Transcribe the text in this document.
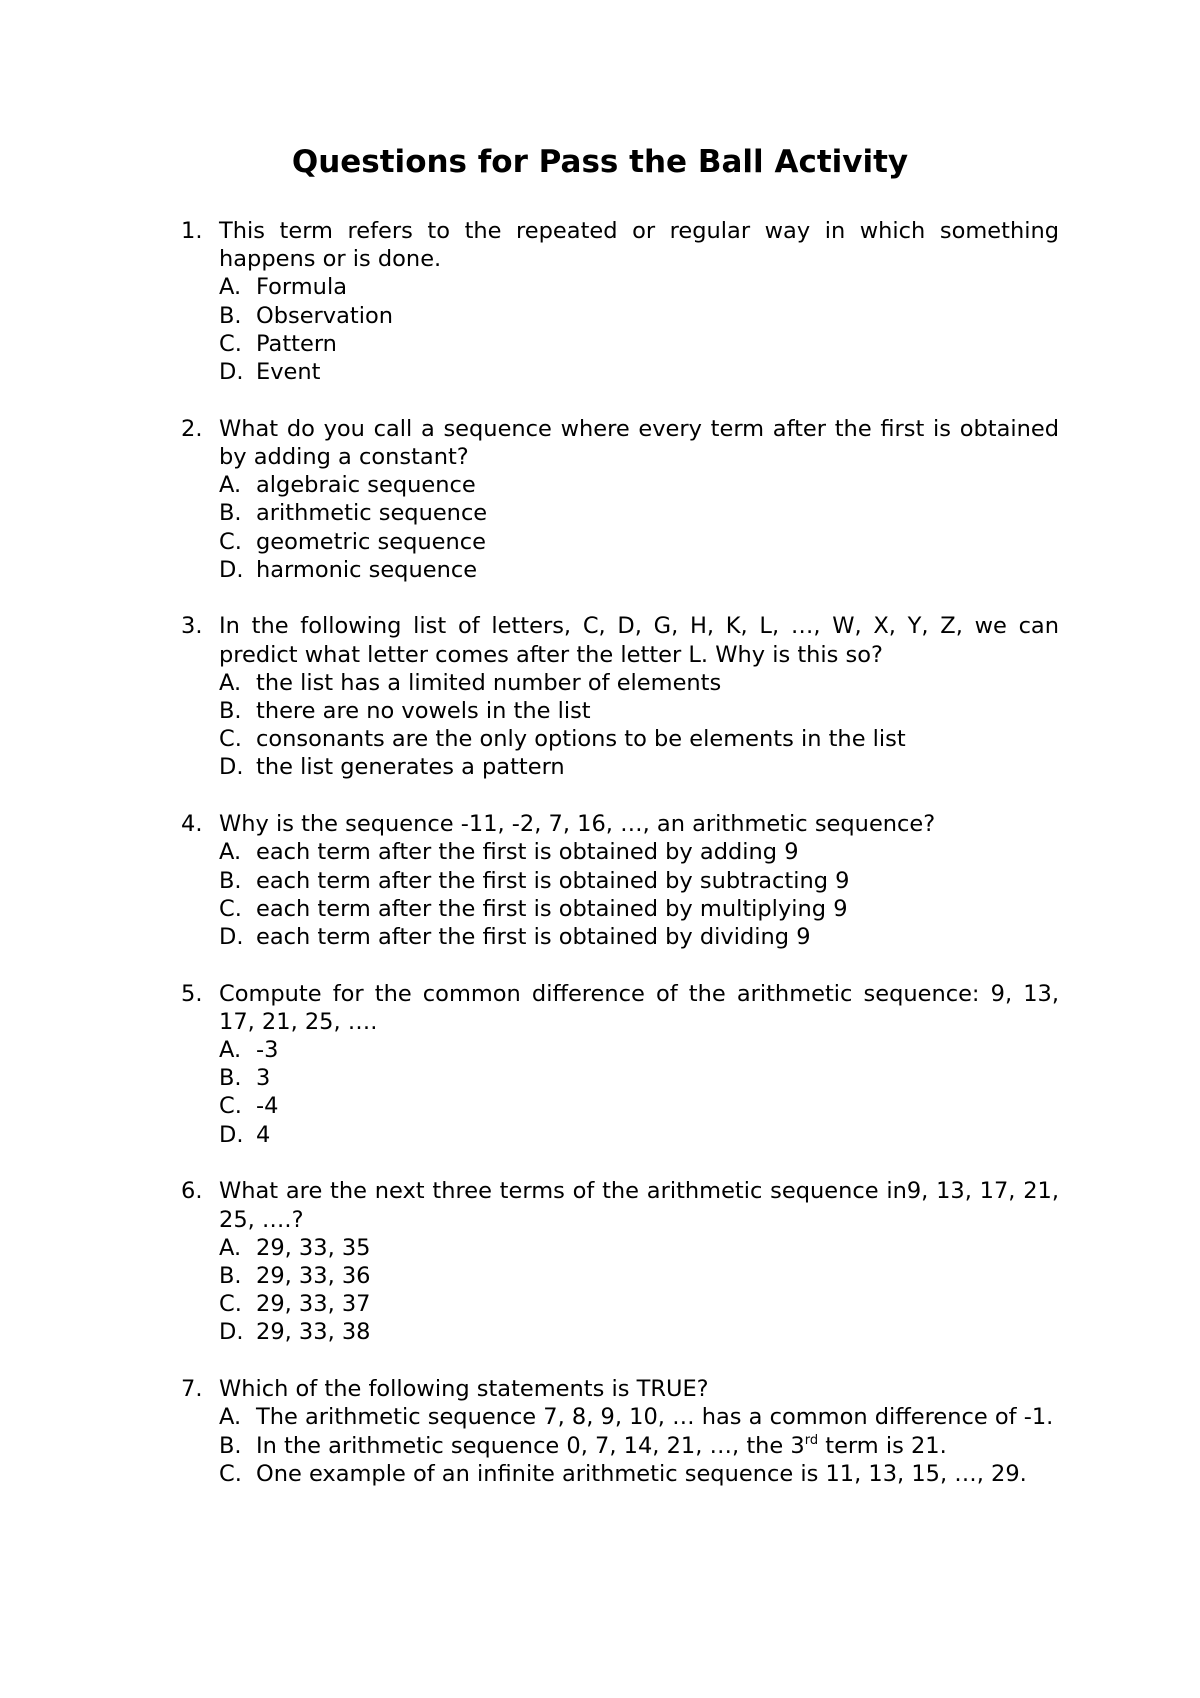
Questions for Pass the Ball Activity
1. This term refers to the repeated or regular way in which something happens or is done.

A. Formula
B. Observation
C. Pattern
D. Event
2. What do you call a sequence where every term after the first is obtained by adding a constant?

A. algebraic sequence
B. arithmetic sequence
C. geometric sequence
D. harmonic sequence
3. In the following list of letters, C, D, G, H, K, L, …, W, X, Y, Z, we can predict what letter comes after the letter L. Why is this so?

A. the list has a limited number of elements
B. there are no vowels in the list
C. consonants are the only options to be elements in the list
D. the list generates a pattern
4. Why is the sequence -11, -2, 7, 16, …, an arithmetic sequence?

A. each term after the first is obtained by adding 9
B. each term after the first is obtained by subtracting 9
C. each term after the first is obtained by multiplying 9
D. each term after the first is obtained by dividing 9
5. Compute for the common difference of the arithmetic sequence: 9, 13, 17, 21, 25, ….

A. -3
B. 3
C. -4
D. 4
6. What are the next three terms of the arithmetic sequence in9, 13, 17, 21, 25, ….?

A. 29, 33, 35
B. 29, 33, 36
C. 29, 33, 37
D. 29, 33, 38
7. Which of the following statements is TRUE?

A. The arithmetic sequence 7, 8, 9, 10, … has a common difference of -1.
B. In the arithmetic sequence 0, 7, 14, 21, …, the 3rd term is 21.
C. One example of an infinite arithmetic sequence is 11, 13, 15, …, 29.
